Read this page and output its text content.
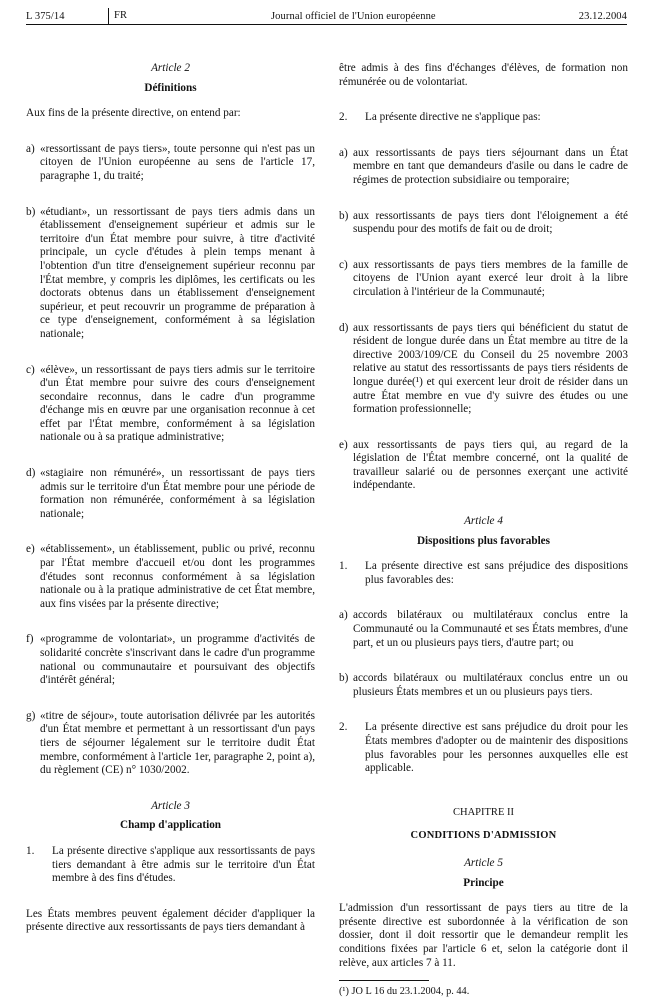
L 375/14	FR	Journal officiel de l'Union européenne	23.12.2004
Article 2
Définitions
Aux fins de la présente directive, on entend par:
a) «ressortissant de pays tiers», toute personne qui n'est pas un citoyen de l'Union européenne au sens de l'article 17, paragraphe 1, du traité;
b) «étudiant», un ressortissant de pays tiers admis dans un établissement d'enseignement supérieur et admis sur le territoire d'un État membre pour suivre, à titre d'activité principale, un cycle d'études à plein temps menant à l'obtention d'un titre d'enseignement supérieur reconnu par l'État membre, y compris les diplômes, les certificats ou les doctorats obtenus dans un établissement d'enseignement supérieur, et peut recouvrir un programme de préparation à ce type d'enseignement, conformément à sa législation nationale;
c) «élève», un ressortissant de pays tiers admis sur le territoire d'un État membre pour suivre des cours d'enseignement secondaire reconnus, dans le cadre d'un programme d'échange mis en œuvre par une organisation reconnue à cet effet par l'État membre, conformément à sa législation nationale ou à sa pratique administrative;
d) «stagiaire non rémunéré», un ressortissant de pays tiers admis sur le territoire d'un État membre pour une période de formation non rémunérée, conformément à sa législation nationale;
e) «établissement», un établissement, public ou privé, reconnu par l'État membre d'accueil et/ou dont les programmes d'études sont reconnus conformément à sa législation nationale ou à la pratique administrative de cet État membre, aux fins visées par la présente directive;
f) «programme de volontariat», un programme d'activités de solidarité concrète s'inscrivant dans le cadre d'un programme national ou communautaire et poursuivant des objectifs d'intérêt général;
g) «titre de séjour», toute autorisation délivrée par les autorités d'un État membre et permettant à un ressortissant d'un pays tiers de séjourner légalement sur le territoire dudit État membre, conformément à l'article 1er, paragraphe 2, point a), du règlement (CE) n° 1030/2002.
Article 3
Champ d'application
1.	La présente directive s'applique aux ressortissants de pays tiers demandant à être admis sur le territoire d'un État membre à des fins d'études.
Les États membres peuvent également décider d'appliquer la présente directive aux ressortissants de pays tiers demandant à
être admis à des fins d'échanges d'élèves, de formation non rémunérée ou de volontariat.
2.	La présente directive ne s'applique pas:
a) aux ressortissants de pays tiers séjournant dans un État membre en tant que demandeurs d'asile ou dans le cadre de régimes de protection subsidiaire ou temporaire;
b) aux ressortissants de pays tiers dont l'éloignement a été suspendu pour des motifs de fait ou de droit;
c) aux ressortissants de pays tiers membres de la famille de citoyens de l'Union ayant exercé leur droit à la libre circulation à l'intérieur de la Communauté;
d) aux ressortissants de pays tiers qui bénéficient du statut de résident de longue durée dans un État membre au titre de la directive 2003/109/CE du Conseil du 25 novembre 2003 relative au statut des ressortissants de pays tiers résidents de longue durée(¹) et qui exercent leur droit de résider dans un autre État membre en vue d'y suivre des études ou une formation professionnelle;
e) aux ressortissants de pays tiers qui, au regard de la législation de l'État membre concerné, ont la qualité de travailleur salarié ou de personnes exerçant une activité indépendante.
Article 4
Dispositions plus favorables
1.	La présente directive est sans préjudice des dispositions plus favorables des:
a) accords bilatéraux ou multilatéraux conclus entre la Communauté ou la Communauté et ses États membres, d'une part, et un ou plusieurs pays tiers, d'autre part; ou
b) accords bilatéraux ou multilatéraux conclus entre un ou plusieurs États membres et un ou plusieurs pays tiers.
2.	La présente directive est sans préjudice du droit pour les États membres d'adopter ou de maintenir des dispositions plus favorables pour les personnes auxquelles elle est applicable.
CHAPITRE II
CONDITIONS D'ADMISSION
Article 5
Principe
L'admission d'un ressortissant de pays tiers au titre de la présente directive est subordonnée à la vérification de son dossier, dont il doit ressortir que le demandeur remplit les conditions fixées par l'article 6 et, selon la catégorie dont il relève, aux articles 7 à 11.
(¹) JO L 16 du 23.1.2004, p. 44.
